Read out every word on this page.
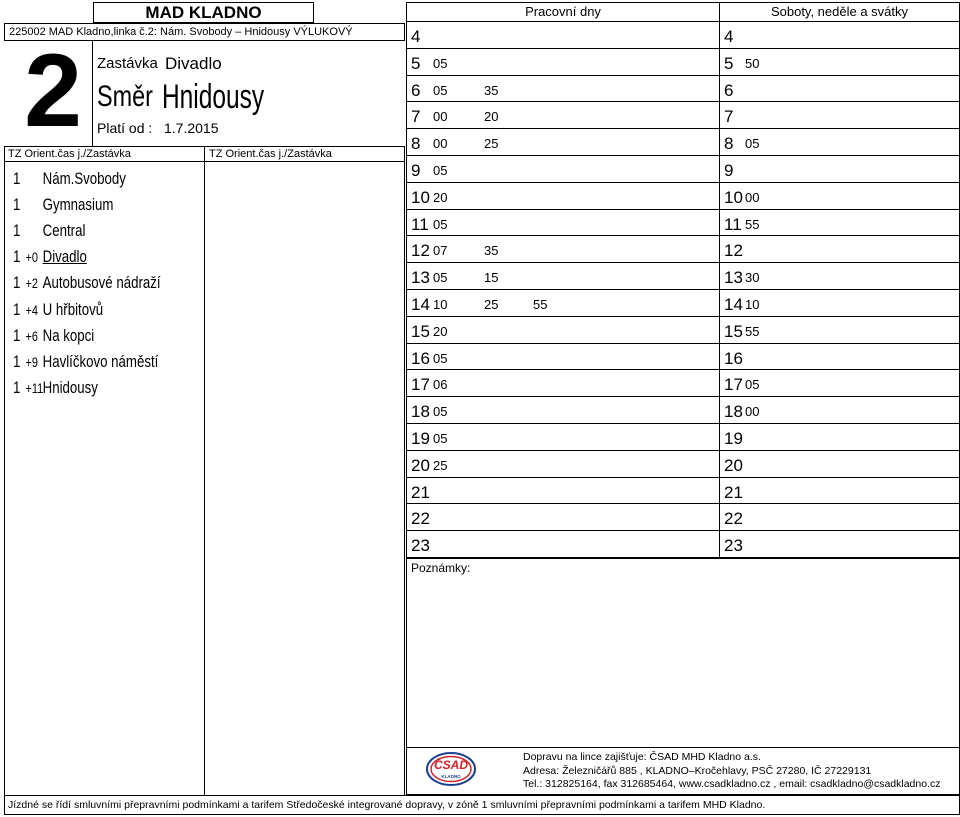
MAD KLADNO
225002 MAD Kladno,linka č.2: Nám. Svobody – Hnidousy VÝLUKOVÝ
2	Zastávka Divadlo
Směr Hnidousy
Platí od : 1.7.2015
TZ Orient.čas j./Zastávka	TZ Orient.čas j./Zastávka
1 Nám.Svobody
1 Gymnasium
1 Central
1 +0 Divadlo
1 +2 Autobusové nádraží
1 +4 U hřbitovů
1 +6 Na kopci
1 +9 Havlíčkovo náměstí
1 +11Hnidousy
Pracovní dny	Soboty, neděle a svátky
4
5 05
6 05	35
7 00	20
8 00	25
9 05
10 20
11 05
12 07	35
13 05	15
14 10	25	55
15 20
16 05
17 06
18 05
19 05
20 25
21
22
23
4
5 50
6
7
8 05
9
10 00
11 55
12
13 30
14 10
15 55
16
17 05
18 00
19
20
21
22
23
Poznámky:
ČSAD
KLADNO
Dopravu na lince zajišťuje: ČSAD MHD Kladno a.s.
Adresa: Železničářů 885 , KLADNO–Kročehlavy, PSČ 27280, IČ 27229131
Tel.: 312825164, fax 312685464, www.csadkladno.cz , email: csadkladno@csadkladno.cz
Jízdné se řídí smluvními přepravními podmínkami a tarifem Středočeské integrované dopravy, v zóně 1 smluvními přepravními podmínkami a tarifem MHD Kladno.
